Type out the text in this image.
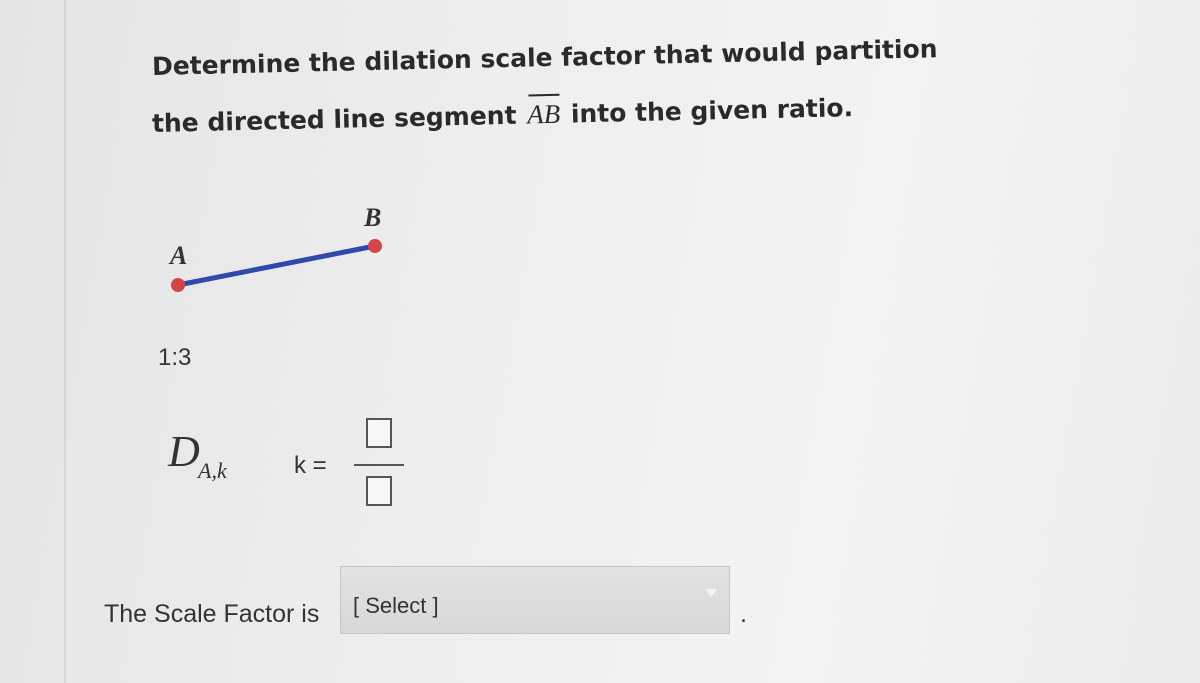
Determine the dilation scale factor that would partition
the directed line segment AB into the given ratio.
A
B
1:3
D
A,k	k =
The Scale Factor is [ Select ]	.
